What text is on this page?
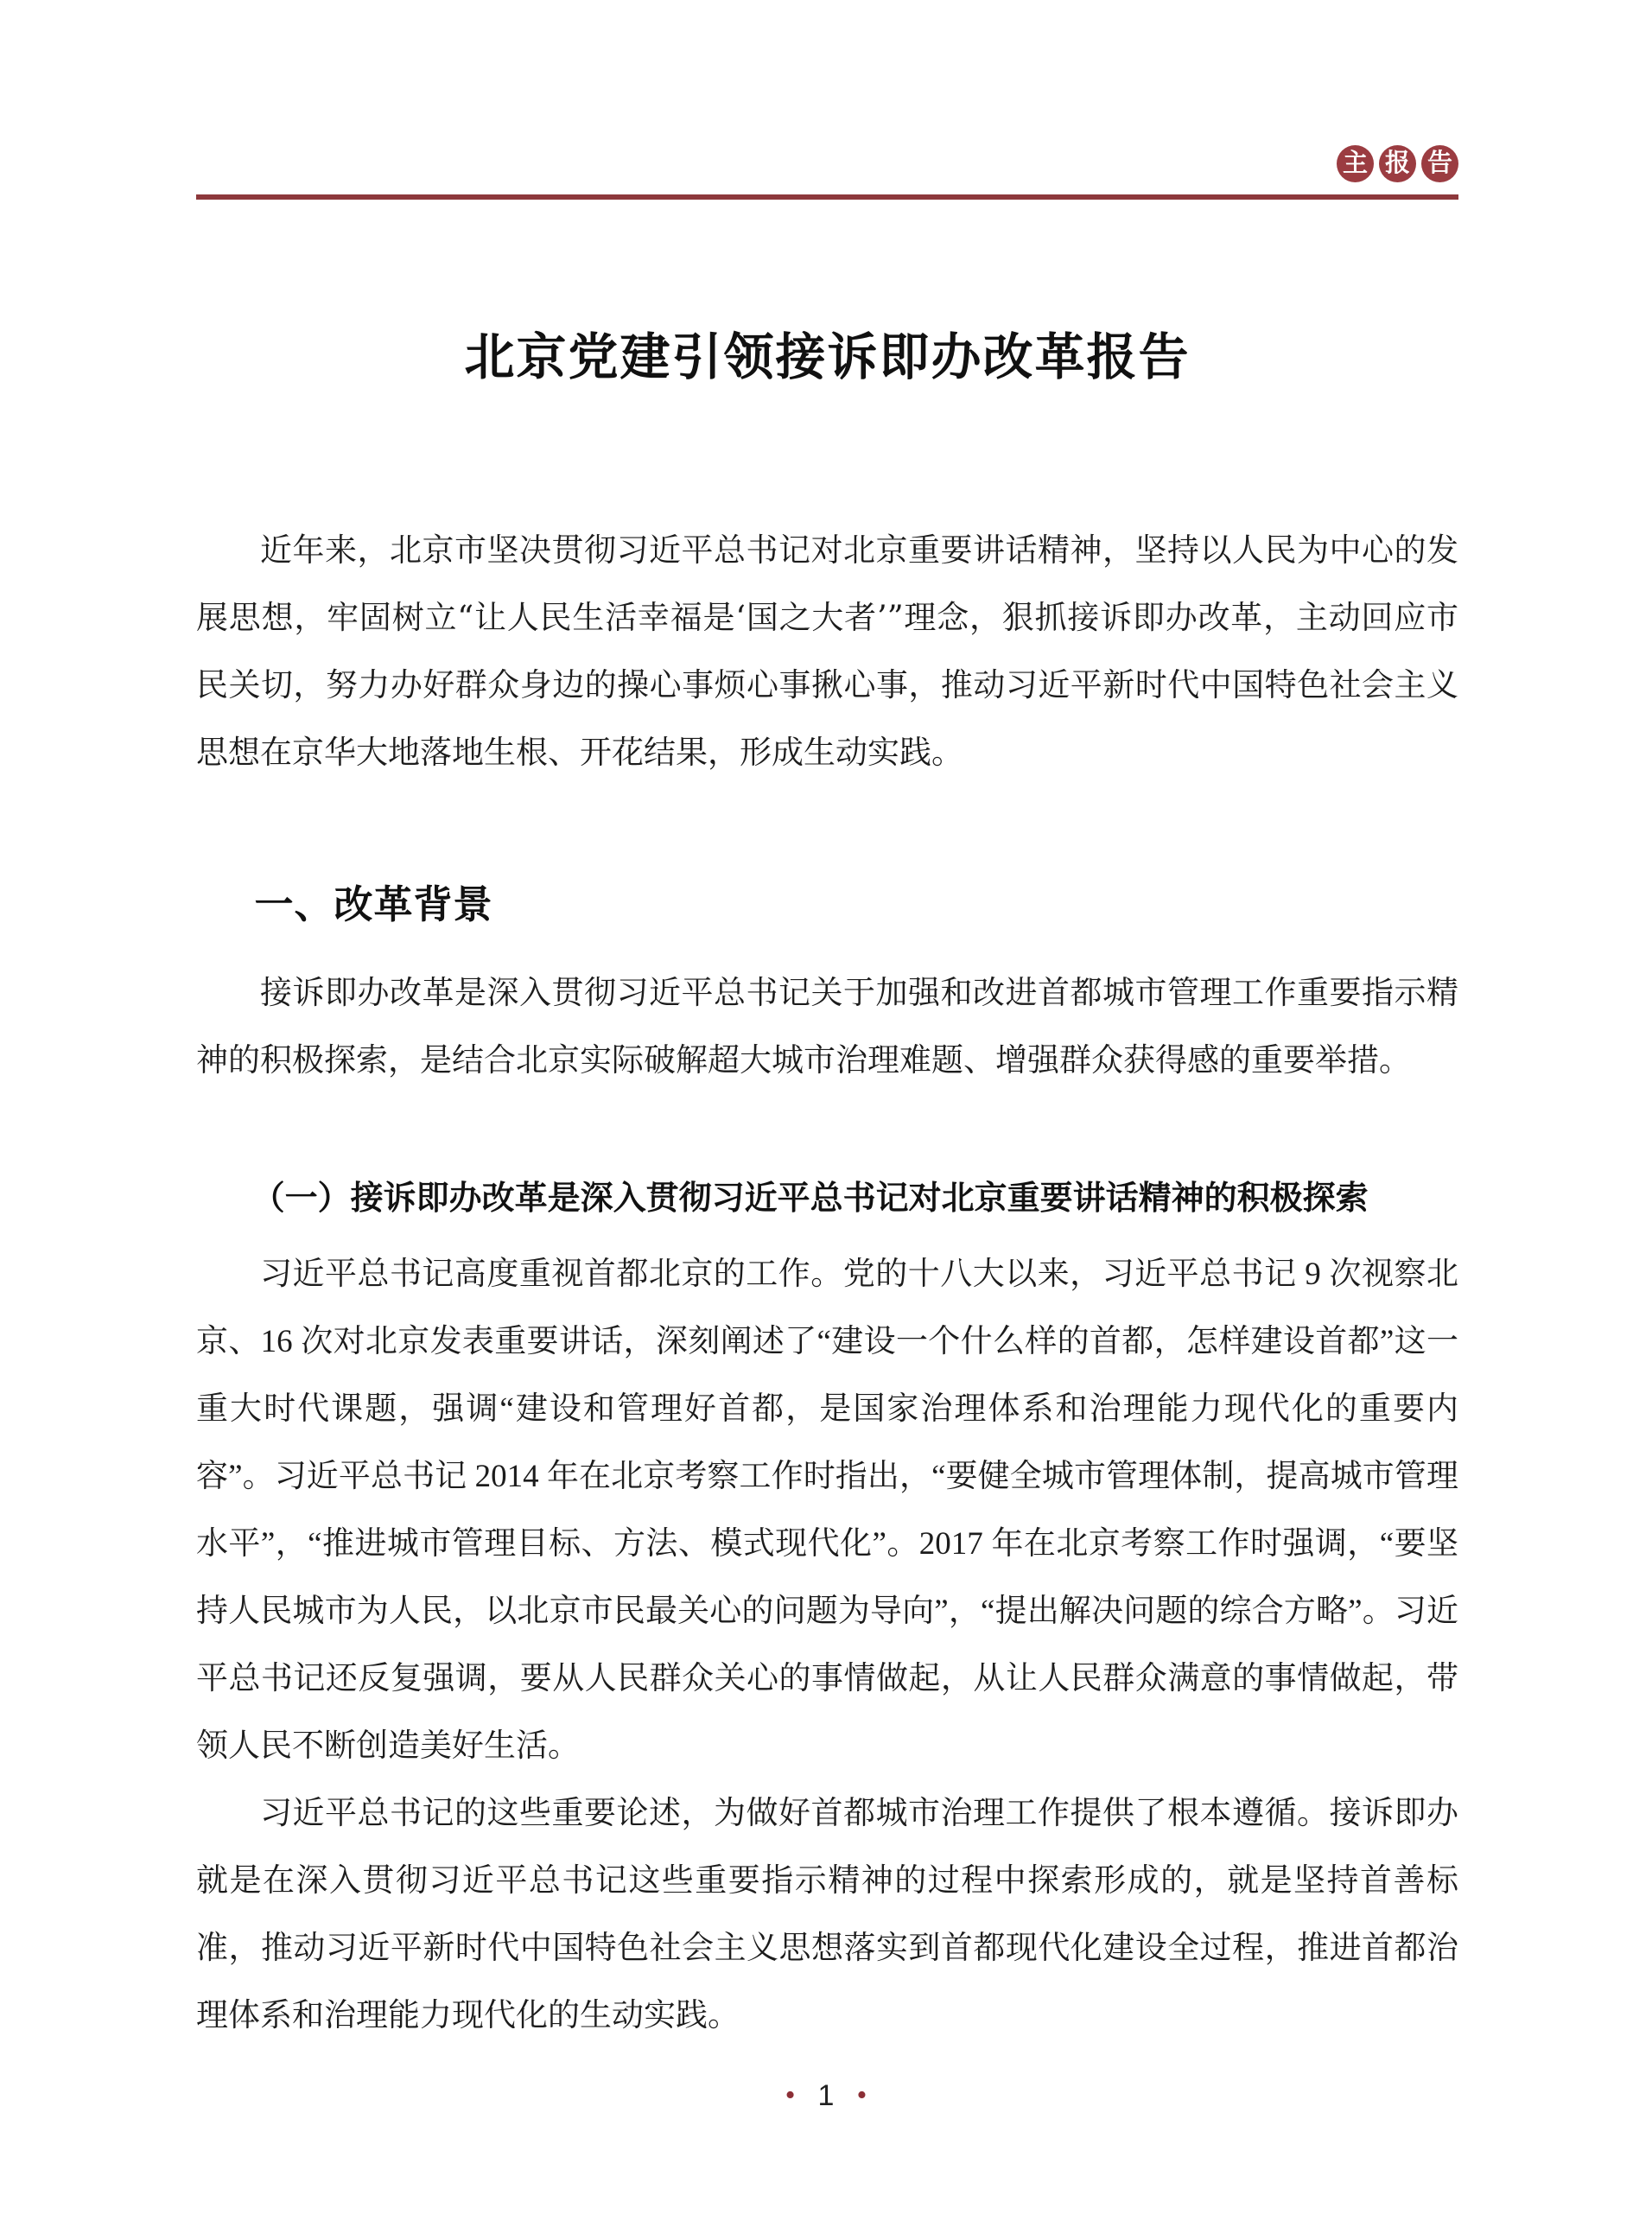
主 报 告
北京党建引领接诉即办改革报告

近年来，北京市坚决贯彻习近平总书记对北京重要讲话精神，坚持以人民为中心的发展思想，牢固树立“让人民生活幸福是‘国之大者’”理念，狠抓接诉即办改革，主动回应市民关切，努力办好群众身边的操心事烦心事揪心事，推动习近平新时代中国特色社会主义思想在京华大地落地生根、开花结果，形成生动实践。

一、改革背景

接诉即办改革是深入贯彻习近平总书记关于加强和改进首都城市管理工作重要指示精神的积极探索，是结合北京实际破解超大城市治理难题、增强群众获得感的重要举措。

（一）接诉即办改革是深入贯彻习近平总书记对北京重要讲话精神的积极探索

习近平总书记高度重视首都北京的工作。党的十八大以来，习近平总书记 9 次视察北京、16 次对北京发表重要讲话，深刻阐述了“建设一个什么样的首都，怎样建设首都”这一重大时代课题，强调“建设和管理好首都，是国家治理体系和治理能力现代化的重要内容”。习近平总书记 2014 年在北京考察工作时指出，“要健全城市管理体制，提高城市管理水平”，“推进城市管理目标、方法、模式现代化”。2017 年在北京考察工作时强调，“要坚持人民城市为人民，以北京市民最关心的问题为导向”，“提出解决问题的综合方略”。习近平总书记还反复强调，要从人民群众关心的事情做起，从让人民群众满意的事情做起，带领人民不断创造美好生活。

习近平总书记的这些重要论述，为做好首都城市治理工作提供了根本遵循。接诉即办就是在深入贯彻习近平总书记这些重要指示精神的过程中探索形成的，就是坚持首善标准，推动习近平新时代中国特色社会主义思想落实到首都现代化建设全过程，推进首都治理体系和治理能力现代化的生动实践。

• 1 •
